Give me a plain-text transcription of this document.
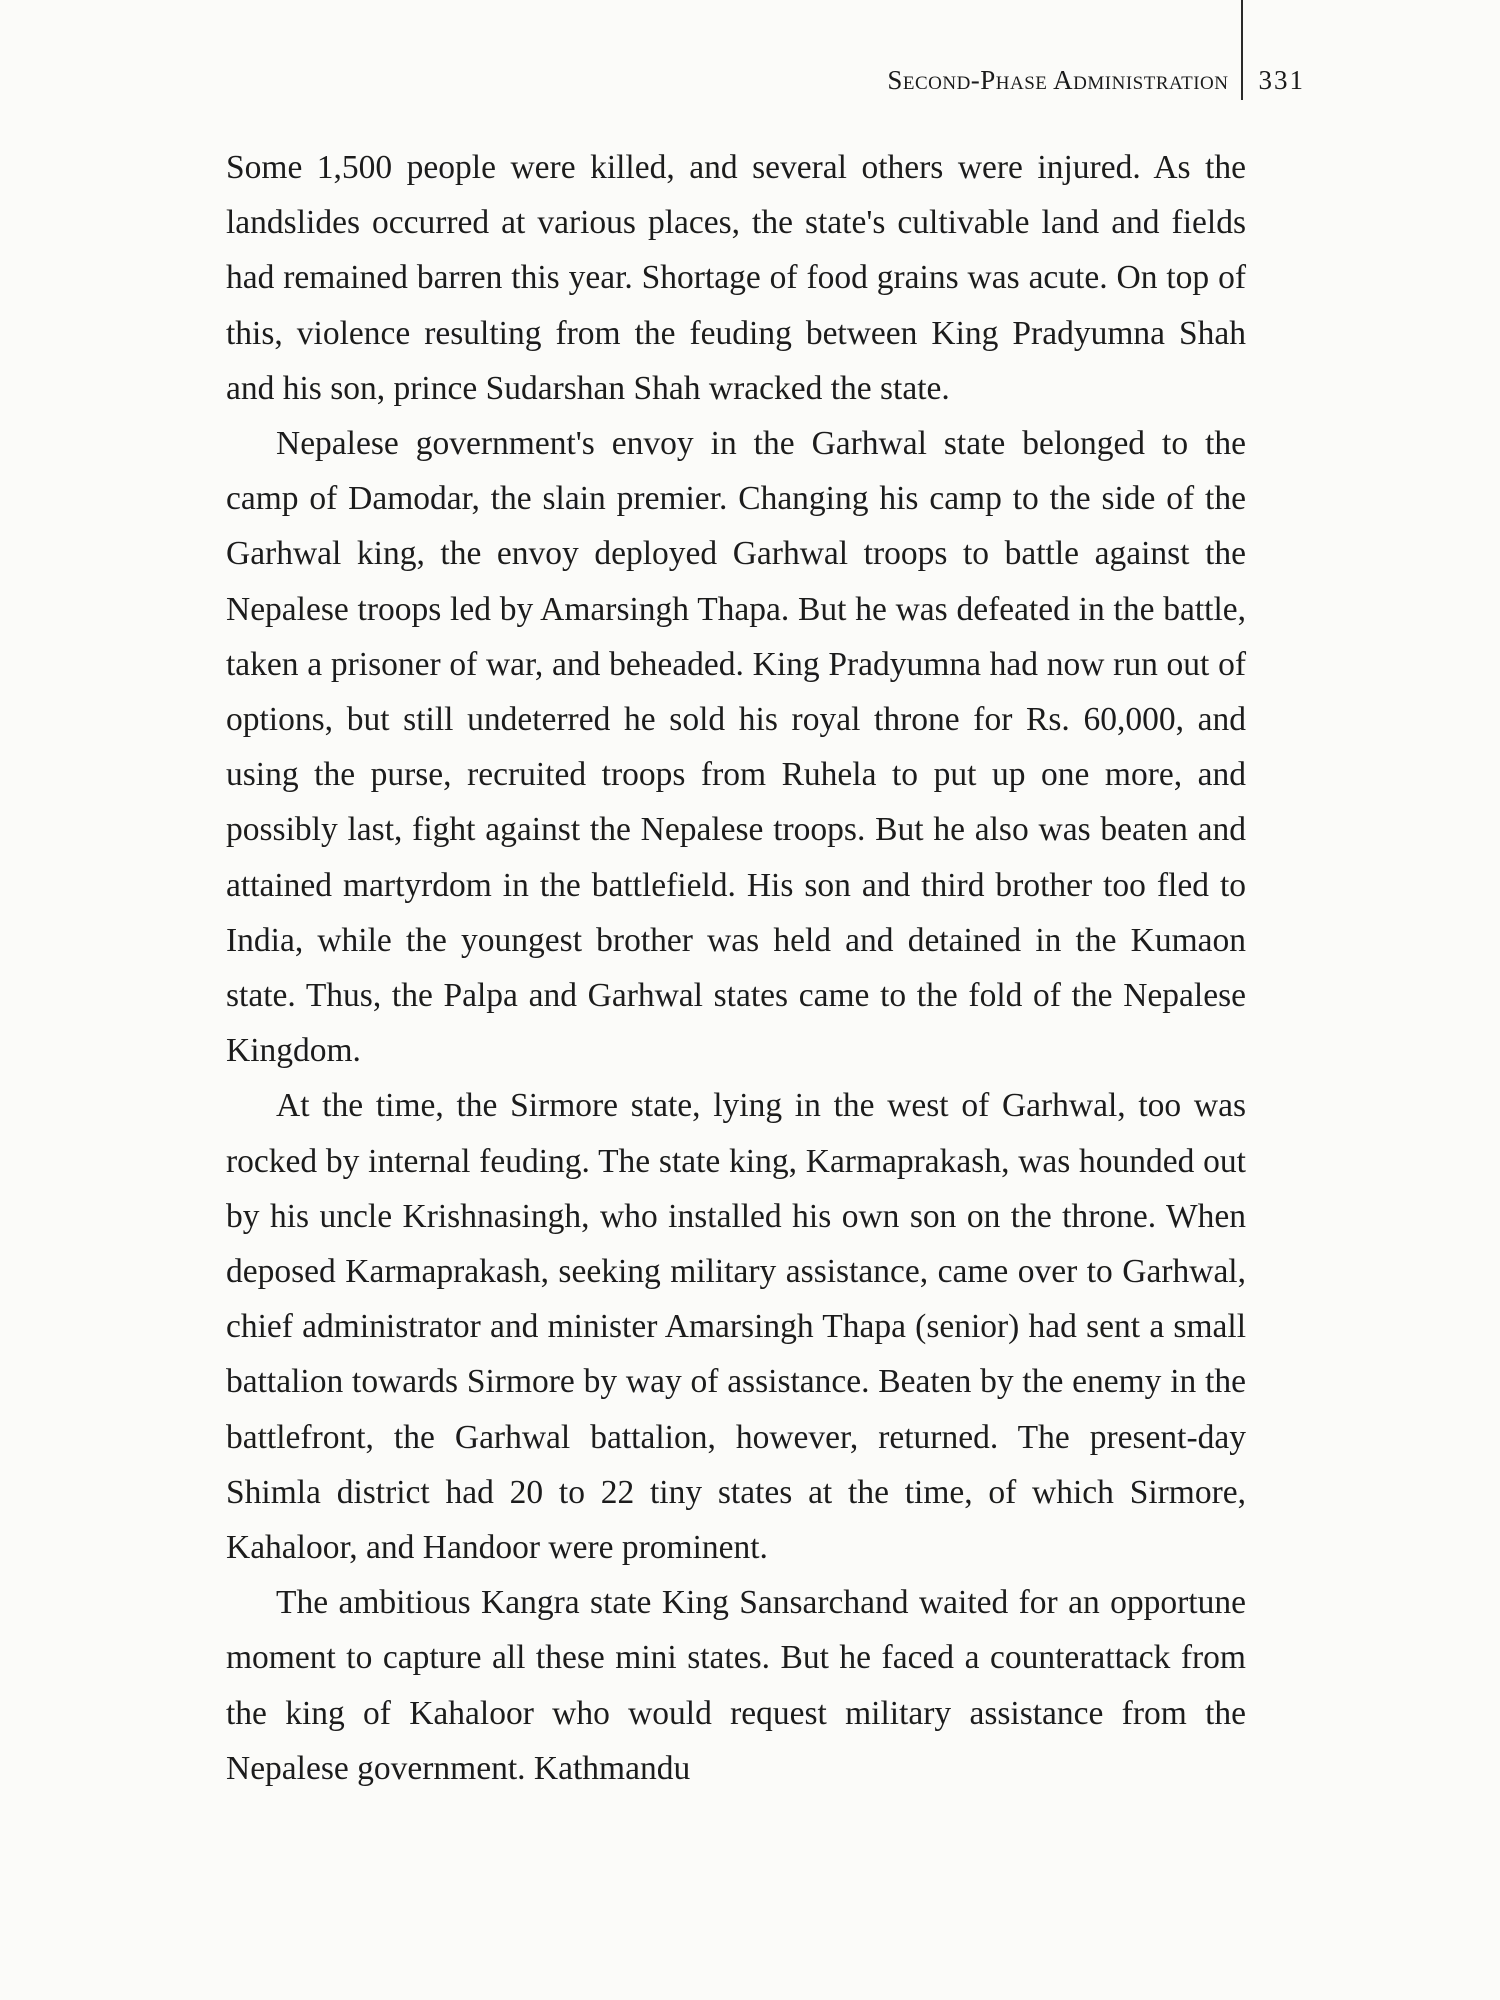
Second-Phase Administration	331

Some 1,500 people were killed, and several others were injured. As the landslides occurred at various places, the state's cultivable land and fields had remained barren this year. Shortage of food grains was acute. On top of this, violence resulting from the feuding between King Pradyumna Shah and his son, prince Sudarshan Shah wracked the state.

Nepalese government's envoy in the Garhwal state belonged to the camp of Damodar, the slain premier. Changing his camp to the side of the Garhwal king, the envoy deployed Garhwal troops to battle against the Nepalese troops led by Amarsingh Thapa. But he was defeated in the battle, taken a prisoner of war, and beheaded. King Pradyumna had now run out of options, but still undeterred he sold his royal throne for Rs. 60,000, and using the purse, recruited troops from Ruhela to put up one more, and possibly last, fight against the Nepalese troops. But he also was beaten and attained martyrdom in the battlefield. His son and third brother too fled to India, while the youngest brother was held and detained in the Kumaon state. Thus, the Palpa and Garhwal states came to the fold of the Nepalese Kingdom.

At the time, the Sirmore state, lying in the west of Garhwal, too was rocked by internal feuding. The state king, Karmaprakash, was hounded out by his uncle Krishnasingh, who installed his own son on the throne. When deposed Karmaprakash, seeking military assistance, came over to Garhwal, chief administrator and minister Amarsingh Thapa (senior) had sent a small battalion towards Sirmore by way of assistance. Beaten by the enemy in the battlefront, the Garhwal battalion, however, returned. The present-day Shimla district had 20 to 22 tiny states at the time, of which Sirmore, Kahaloor, and Handoor were prominent.

The ambitious Kangra state King Sansarchand waited for an opportune moment to capture all these mini states. But he faced a counterattack from the king of Kahaloor who would request military assistance from the Nepalese government. Kathmandu
